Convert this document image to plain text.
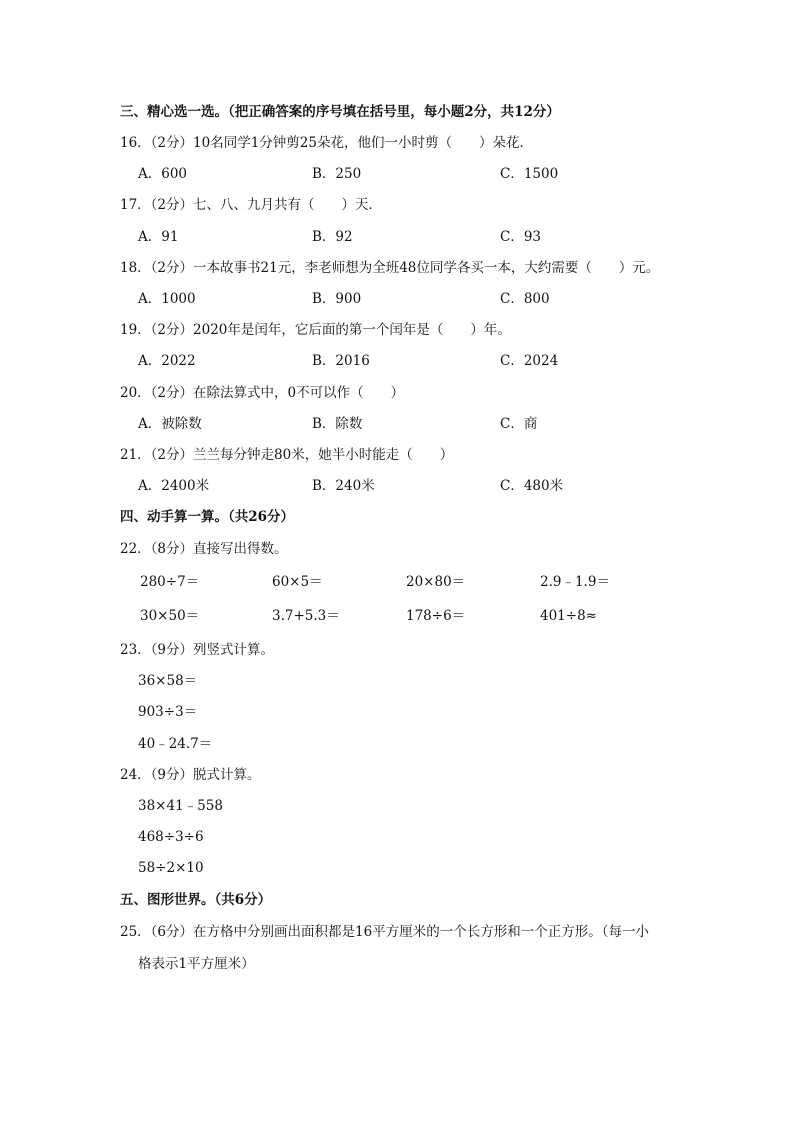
三、精心选一选。（把正确答案的序号填在括号里，每小题2分，共12分）
16．（2分）10名同学1分钟剪25朵花，他们一小时剪（　　）朵花．
A．600	B．250	C．1500
17．（2分）七、八、九月共有（　　）天．
A．91	B．92	C．93
18．（2分）一本故事书21元，李老师想为全班48位同学各买一本，大约需要（　　）元。
A．1000	B．900	C．800
19．（2分）2020年是闰年，它后面的第一个闰年是（　　）年。
A．2022	B．2016	C．2024
20．（2分）在除法算式中，0不可以作（　　）
A．被除数	B．除数	C．商
21．（2分）兰兰每分钟走80米，她半小时能走（　　）
A．2400米	B．240米	C．480米
四、动手算一算。（共26分）
22．（8分）直接写出得数。
280÷7＝	60×5＝	20×80＝	2.9﹣1.9＝
30×50＝	3.7+5.3＝	178÷6＝	401÷8≈
23．（9分）列竖式计算。
36×58＝
903÷3＝
40﹣24.7＝
24．（9分）脱式计算。
38×41﹣558
468÷3÷6
58÷2×10
五、图形世界。（共6分）
25．（6分）在方格中分别画出面积都是16平方厘米的一个长方形和一个正方形。（每一小
格表示1平方厘米）
